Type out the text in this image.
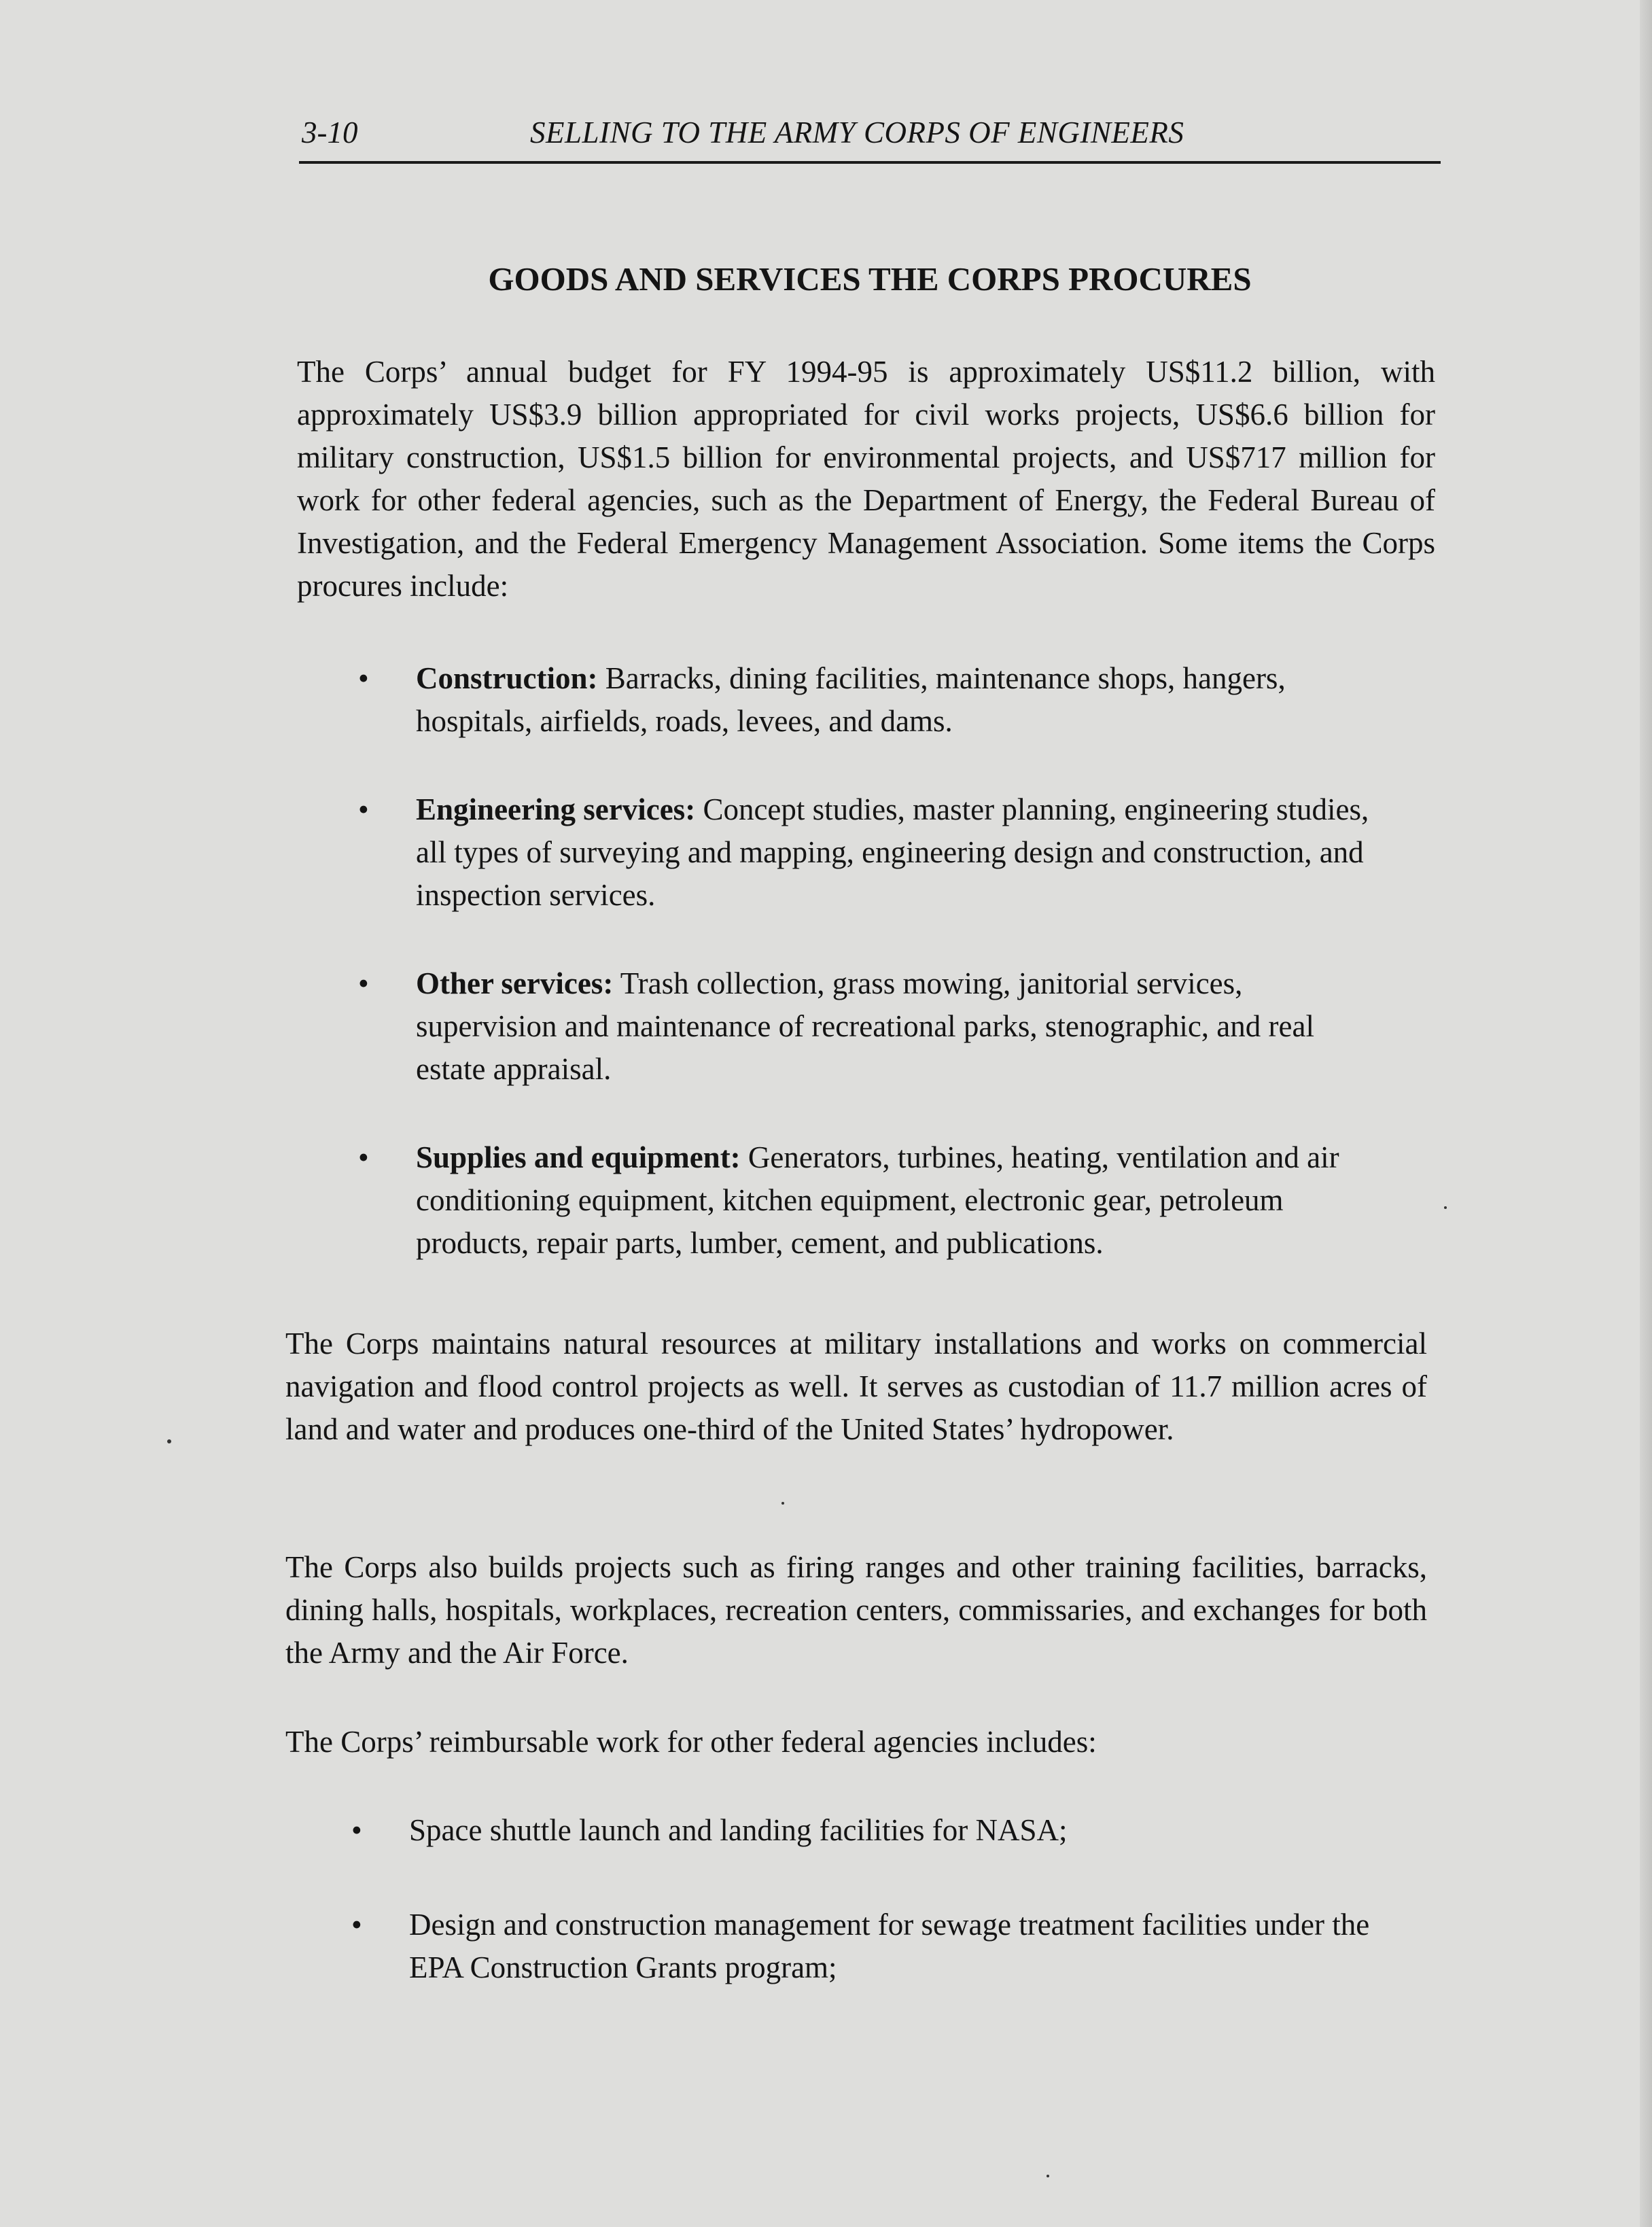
3-10	SELLING TO THE ARMY CORPS OF ENGINEERS
GOODS AND SERVICES THE CORPS PROCURES

The Corps’ annual budget for FY 1994-95 is approximately US$11.2 billion, with approximately US$3.9 billion appropriated for civil works projects, US$6.6 billion for military construction, US$1.5 billion for environmental projects, and US$717 million for work for other federal agencies, such as the Department of Energy, the Federal Bureau of Investigation, and the Federal Emergency Management Association. Some items the Corps procures include:

• Construction: Barracks, dining facilities, maintenance shops, hangers, hospitals, airfields, roads, levees, and dams.
• Engineering services: Concept studies, master planning, engineering studies, all types of surveying and mapping, engineering design and construction, and inspection services.
• Other services: Trash collection, grass mowing, janitorial services, supervision and maintenance of recreational parks, stenographic, and real estate appraisal.
• Supplies and equipment: Generators, turbines, heating, ventilation and air conditioning equipment, kitchen equipment, electronic gear, petroleum products, repair parts, lumber, cement, and publications.

The Corps maintains natural resources at military installations and works on commercial navigation and flood control projects as well. It serves as custodian of 11.7 million acres of land and water and produces one-third of the United States’ hydropower.

The Corps also builds projects such as firing ranges and other training facilities, barracks, dining halls, hospitals, workplaces, recreation centers, commissaries, and exchanges for both the Army and the Air Force.

The Corps’ reimbursable work for other federal agencies includes:

• Space shuttle launch and landing facilities for NASA;
• Design and construction management for sewage treatment facilities under the EPA Construction Grants program;
